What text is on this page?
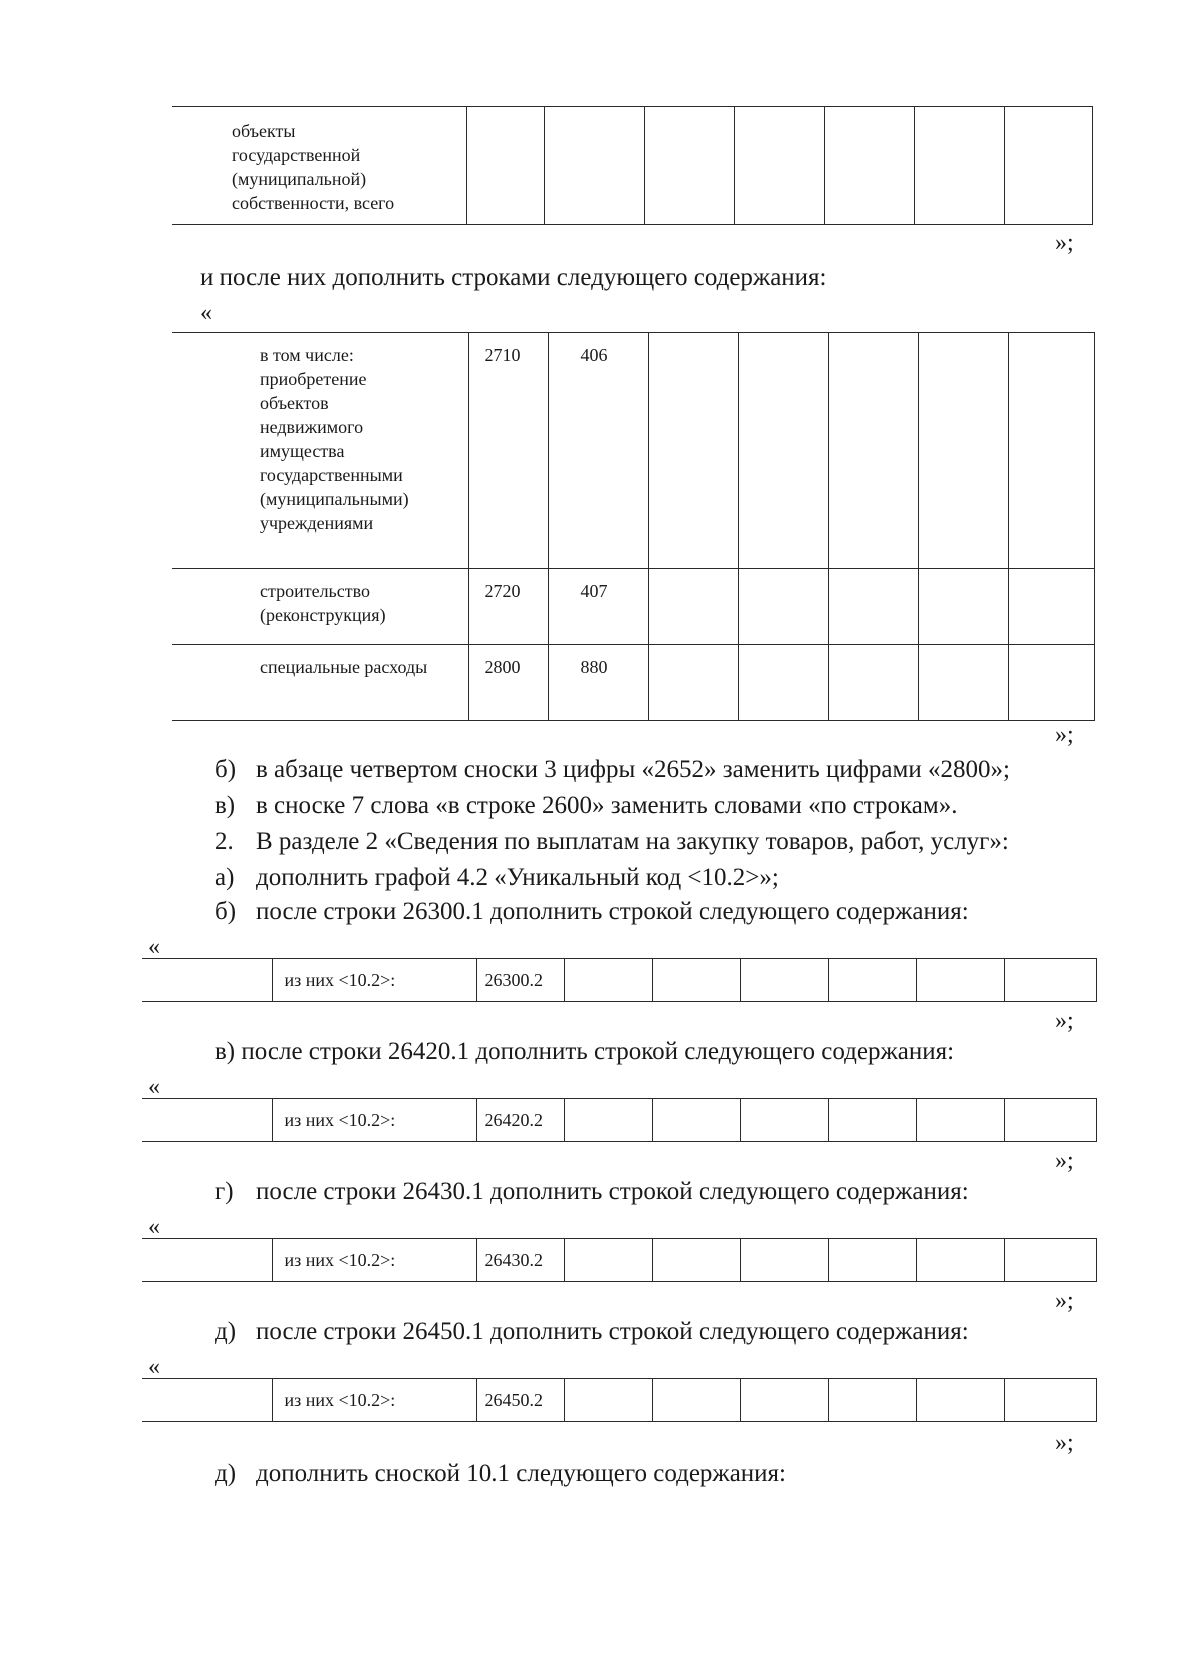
объекты государственной (муниципальной) собственности, всего

»;
и после них дополнить строками следующего содержания:
«
в том числе: приобретение объектов недвижимого имущества государственными (муниципальными) учреждениями	2710	406					

строительство (реконструкция)	2720	407					

специальные расходы	2800	880					

»;
б) в абзаце четвертом сноски 3 цифры «2652» заменить цифрами «2800»;
в) в сноске 7 слова «в строке 2600» заменить словами «по строкам».
2. В разделе 2 «Сведения по выплатам на закупку товаров, работ, услуг»:
а) дополнить графой 4.2 «Уникальный код <10.2>»;
б) после строки 26300.1 дополнить строкой следующего содержания:
«

из них <10.2>:	26300.2

»;
в) после строки 26420.1 дополнить строкой следующего содержания:
«

из них <10.2>:	26420.2

»;
г) после строки 26430.1 дополнить строкой следующего содержания:
«

из них <10.2>:	26430.2

»;
д) после строки 26450.1 дополнить строкой следующего содержания:
«

из них <10.2>:	26450.2

»;
д) дополнить сноской 10.1 следующего содержания:
